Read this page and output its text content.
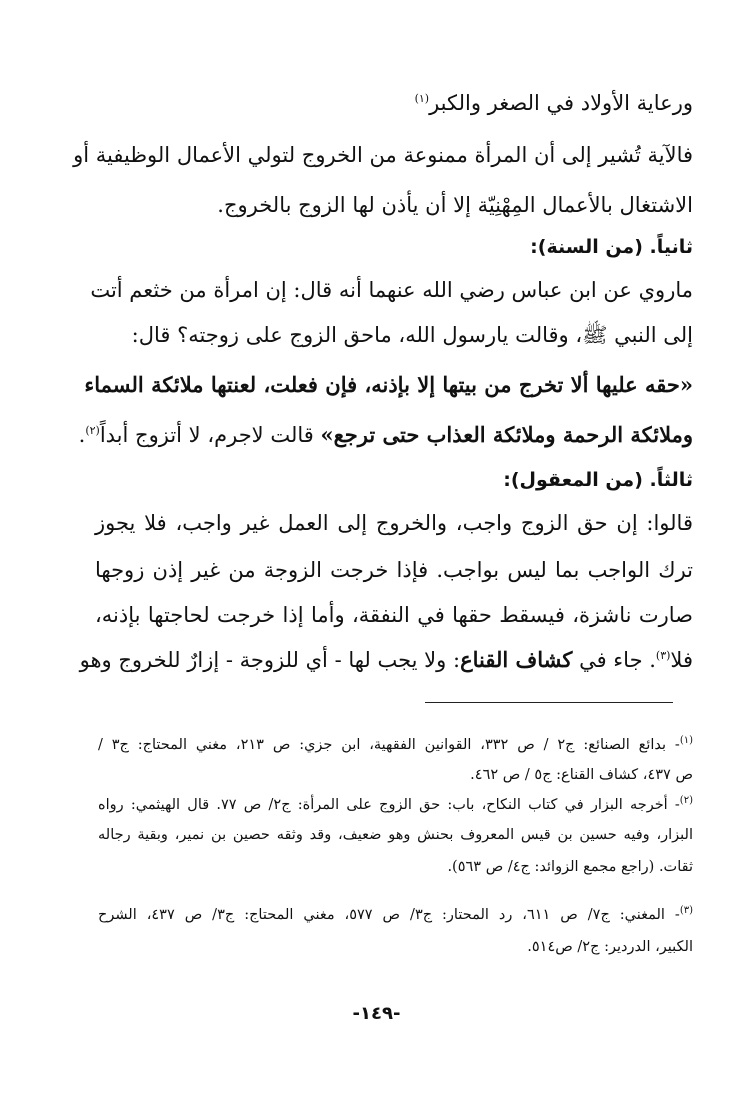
ورعاية الأولاد في الصغر والكبر$^{(١)}$
فالآية تُشير إلى أن المرأة ممنوعة من الخروج لتولي الأعمال الوظيفية أو
الاشتغال بالأعمال المِهْنِيّة إلا أن يأذن لها الزوج بالخروج.
ثانياً. (من السنة):
ماروي عن ابن عباس رضي الله عنهما أنه قال: إن امرأة من خثعم أتت
إلى النبي ﷺ، وقالت يارسول الله، ماحق الزوج على زوجته؟ قال:
«حقه عليها ألا تخرج من بيتها إلا بإذنه، فإن فعلت، لعنتها ملائكة السماء
وملائكة الرحمة وملائكة العذاب حتى ترجع» قالت لاجرم، لا أتزوج أبداً$^{(٢)}$.
ثالثاً. (من المعقول):
قالوا: إن حق الزوج واجب، والخروج إلى العمل غير واجب، فلا يجوز
ترك الواجب بما ليس بواجب. فإذا خرجت الزوجة من غير إذن زوجها
صارت ناشزة، فيسقط حقها في النفقة، وأما إذا خرجت لحاجتها بإذنه،
فلا$^{(٣)}$. جاء في كشاف القناع: ولا يجب لها - أي للزوجة - إزارٌ للخروج وهو
$^{(١)}$- بدائع الصنائع: ج٢ / ص ٣٣٢، القوانين الفقهية، ابن جزي: ص ٢١٣، مغني المحتاج: ج٣ /
ص ٤٣٧، كشاف القناع: ج٥ / ص ٤٦٢.
$^{(٢)}$- أخرجه البزار في كتاب النكاح، باب: حق الزوج على المرأة: ج٢/ ص ٧٧. قال الهيثمي: رواه
البزار، وفيه حسين بن قيس المعروف بحنش وهو ضعيف، وقد وثقه حصين بن نمير، وبقية رجاله
ثقات. (راجع مجمع الزوائد: ج٤/ ص ٥٦٣).
$^{(٣)}$- المغني: ج٧/ ص ٦١١، رد المحتار: ج٣/ ص ٥٧٧، مغني المحتاج: ج٣/ ص ٤٣٧، الشرح
الكبير، الدردير: ج٢/ ص٥١٤.
-١٤٩-
